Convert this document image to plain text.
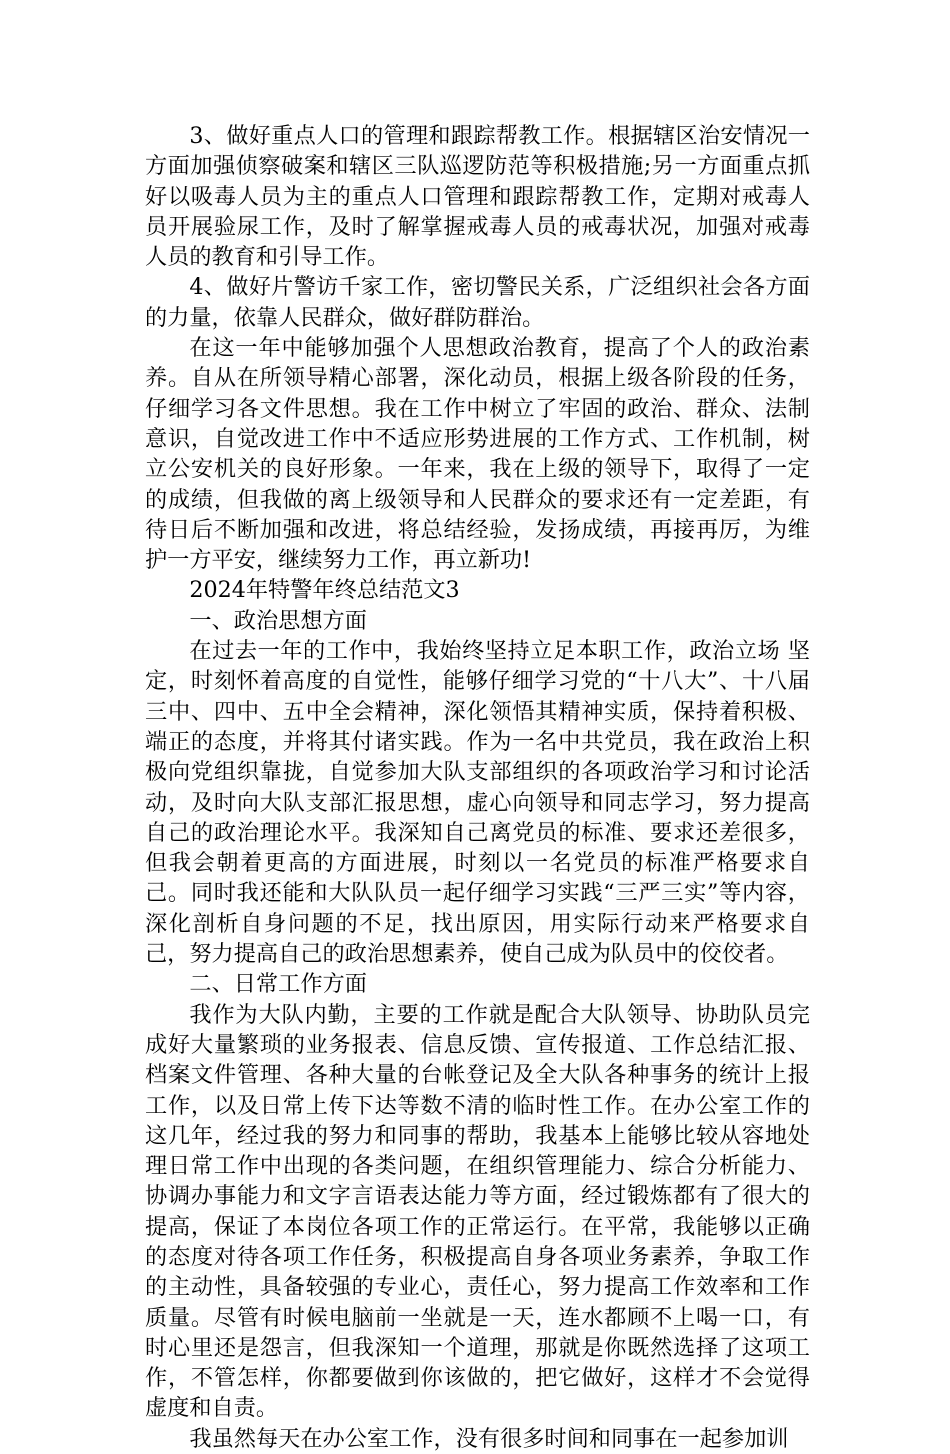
3、做好重点人口的管理和跟踪帮教工作。根据辖区治安情况一方面加强侦察破案和辖区三队巡逻防范等积极措施;另一方面重点抓好以吸毒人员为主的重点人口管理和跟踪帮教工作，定期对戒毒人员开展验尿工作，及时了解掌握戒毒人员的戒毒状况，加强对戒毒人员的教育和引导工作。

4、做好片警访千家工作，密切警民关系，广泛组织社会各方面的力量，依靠人民群众，做好群防群治。

在这一年中能够加强个人思想政治教育，提高了个人的政治素养。自从在所领导精心部署，深化动员，根据上级各阶段的任务，仔细学习各文件思想。我在工作中树立了牢固的政治、群众、法制意识，自觉改进工作中不适应形势进展的工作方式、工作机制，树立公安机关的良好形象。一年来，我在上级的领导下，取得了一定的成绩，但我做的离上级领导和人民群众的要求还有一定差距，有待日后不断加强和改进，将总结经验，发扬成绩，再接再厉，为维护一方平安，继续努力工作，再立新功!

2024年特警年终总结范文3

一、政治思想方面

在过去一年的工作中，我始终坚持立足本职工作，政治立场 坚定，时刻怀着高度的自觉性，能够仔细学习党的“十八大”、十八届三中、四中、五中全会精神，深化领悟其精神实质，保持着积极、端正的态度，并将其付诸实践。作为一名中共党员，我在政治上积极向党组织靠拢，自觉参加大队支部组织的各项政治学习和讨论活动，及时向大队支部汇报思想，虚心向领导和同志学习，努力提高自己的政治理论水平。我深知自己离党员的标准、要求还差很多，但我会朝着更高的方面进展，时刻以一名党员的标准严格要求自己。同时我还能和大队队员一起仔细学习实践“三严三实”等内容，深化剖析自身问题的不足，找出原因，用实际行动来严格要求自己，努力提高自己的政治思想素养，使自己成为队员中的佼佼者。

二、日常工作方面

我作为大队内勤，主要的工作就是配合大队领导、协助队员完成好大量繁琐的业务报表、信息反馈、宣传报道、工作总结汇报、档案文件管理、各种大量的台帐登记及全大队各种事务的统计上报工作，以及日常上传下达等数不清的临时性工作。在办公室工作的这几年，经过我的努力和同事的帮助，我基本上能够比较从容地处理日常工作中出现的各类问题，在组织管理能力、综合分析能力、协调办事能力和文字言语表达能力等方面，经过锻炼都有了很大的提高，保证了本岗位各项工作的正常运行。在平常，我能够以正确的态度对待各项工作任务，积极提高自身各项业务素养，争取工作的主动性，具备较强的专业心，责任心，努力提高工作效率和工作质量。尽管有时候电脑前一坐就是一天，连水都顾不上喝一口，有时心里还是怨言，但我深知一个道理，那就是你既然选择了这项工作，不管怎样，你都要做到你该做的，把它做好，这样才不会觉得虚度和自责。

我虽然每天在办公室工作，没有很多时间和同事在一起参加训
